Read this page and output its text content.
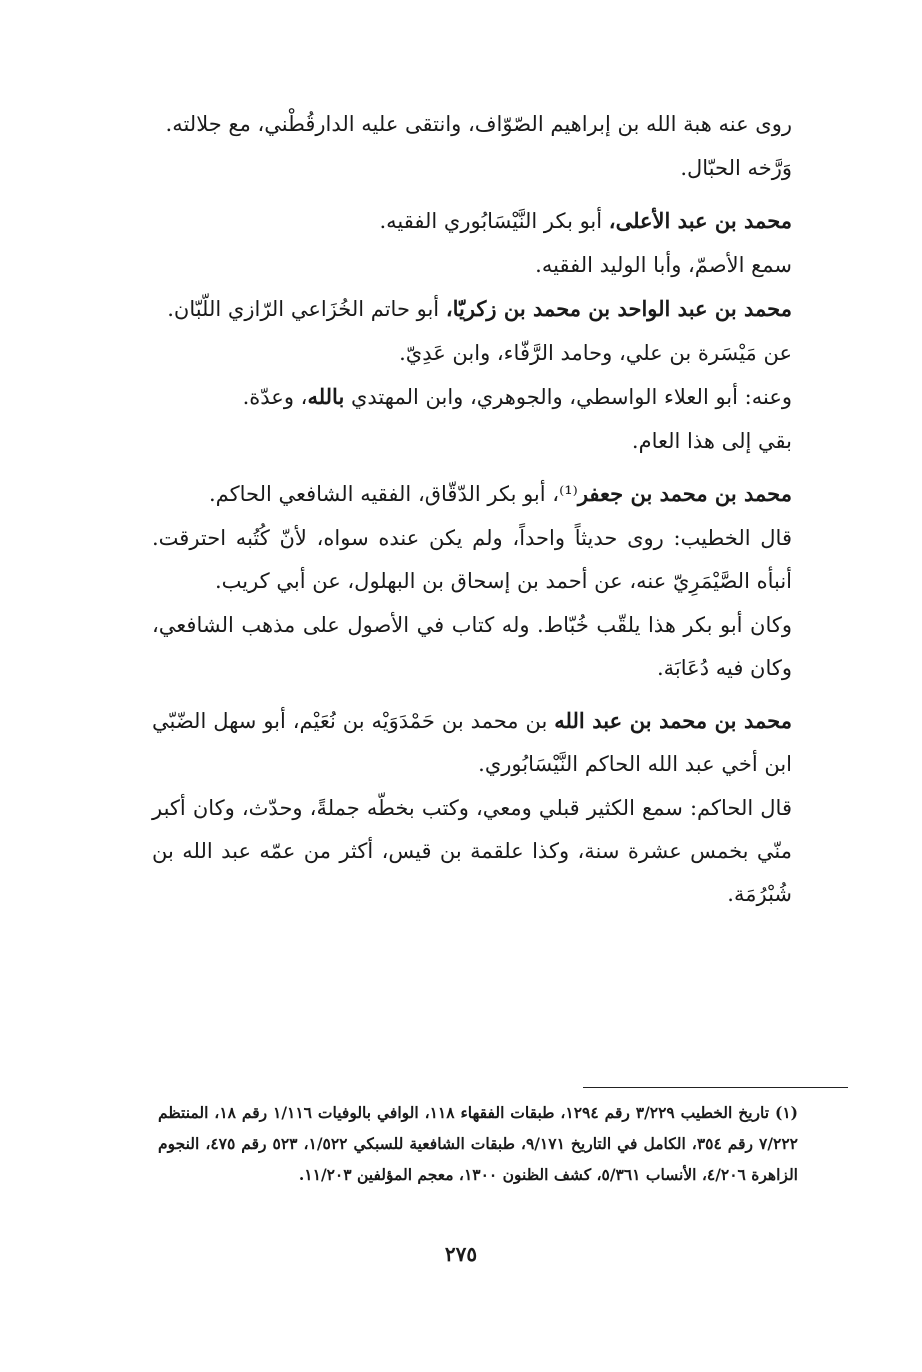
روى عنه هبة الله بن إبراهيم الصّوّاف، وانتقى عليه الدارقُطْني، مع جلالته.

وَرَّخه الحبّال.

محمد بن عبد الأعلى، أبو بكر النَّيْسَابُوري الفقيه.

سمع الأصمّ، وأبا الوليد الفقيه.

محمد بن عبد الواحد بن محمد بن زكريّا، أبو حاتم الخُزَاعي الرّازي اللّبّان.

عن مَيْسَرة بن علي، وحامد الرَّفّاء، وابن عَدِيّ.

وعنه: أبو العلاء الواسطي، والجوهري، وابن المهتدي بالله، وعدّة.

بقي إلى هذا العام.

محمد بن محمد بن جعفر⁽¹⁾، أبو بكر الدّقّاق، الفقيه الشافعي الحاكم.

قال الخطيب: روى حديثاً واحداً، ولم يكن عنده سواه، لأنّ كُتُبه احترقت. أنبأه الصَّيْمَرِيّ عنه، عن أحمد بن إسحاق بن البهلول، عن أبي كريب.

وكان أبو بكر هذا يلقّب خُبّاط. وله كتاب في الأصول على مذهب الشافعي، وكان فيه دُعَابَة.

محمد بن محمد بن عبد الله بن محمد بن حَمْدَوَيْه بن نُعَيْم، أبو سهل الضّبّي ابن أخي عبد الله الحاكم النَّيْسَابُوري.

قال الحاكم: سمع الكثير قبلي ومعي، وكتب بخطّه جملةً، وحدّث، وكان أكبر منّي بخمس عشرة سنة، وكذا علقمة بن قيس، أكثر من عمّه عبد الله بن شُبْرُمَة.

(١) تاريخ الخطيب ٣/٢٢٩ رقم ١٢٩٤، طبقات الفقهاء ١١٨، الوافي بالوفيات ١/١١٦ رقم ١٨، المنتظم ٧/٢٢٢ رقم ٣٥٤، الكامل في التاريخ ٩/١٧١، طبقات الشافعية للسبكي ١/٥٢٢، ٥٢٣ رقم ٤٧٥، النجوم الزاهرة ٤/٢٠٦، الأنساب ٥/٣٦١، كشف الظنون ١٣٠٠، معجم المؤلفين ١١/٢٠٣.

٢٧٥
